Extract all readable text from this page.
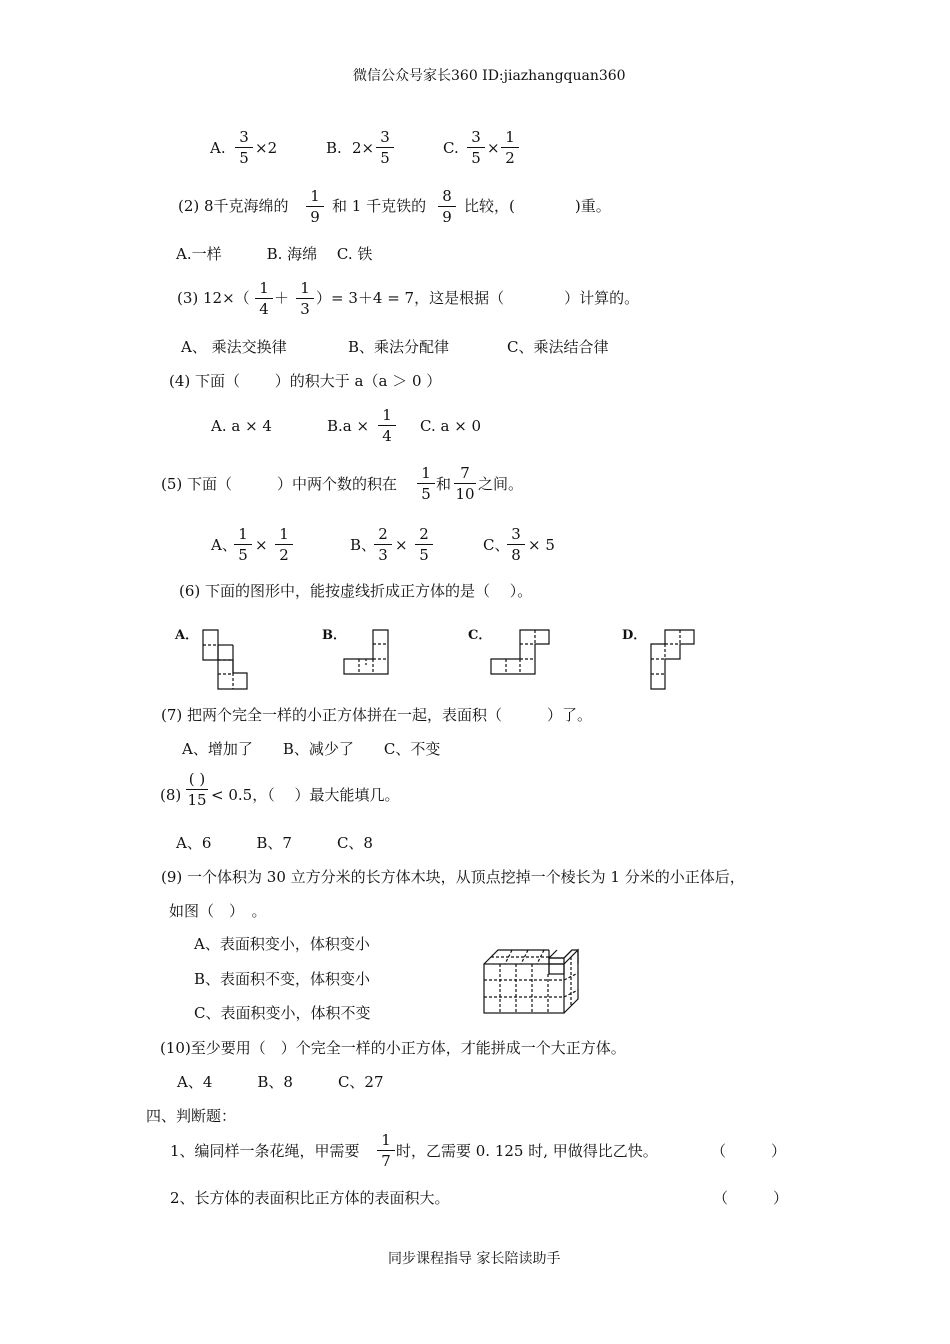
微信公众号家长360 ID:jiazhangquan360
A.
3
5
×2	B. 2×
3
5
C.
3
5
×
1
2
(2) 8千克海绵的
1
9
和 1 千克铁的
8
9
比较，(　　　　)重。
A.一样　　　B. 海绵　 C. 铁
(3) 12×（
1
4
＋
1
3
）= 3＋4 = 7，这是根据（　　　　）计算的。
A、 乘法交换律	B、乘法分配律	C、乘法结合律
(4) 下面（　　 ）的积大于 a（a ＞ 0 ）
A. a × 4	B.a ×
1
4
C. a × 0
(5) 下面（　　　）中两个数的积在
1
5
和
7
10
之间。
A、
1
5
×
1
2
B、
2
3
×
2
5
C、
3
8
× 5
(6) 下面的图形中，能按虚线折成正方体的是（　 ）。
A．	B．	C．	D．
(7) 把两个完全一样的小正方体拼在一起，表面积（　　　）了。
A、增加了　　B、减少了　　C、不变
(8)
( )
15 < 0.5，（　 ）最大能填几。
A、6　　　B、7　　　C、8
(9) 一个体积为 30 立方分米的长方体木块，从顶点挖掉一个棱长为 1 分米的小正体后，
如图（　）　。
A、表面积变小，体积变小
B、表面积不变，体积变小
C、表面积变小，体积不变
(10)至少要用（　）个完全一样的小正方体，才能拼成一个大正方体。
A、4　　　B、8　　　C、27
四、判断题：
1、编同样一条花绳，甲需要
1
7
时，乙需要 0. 125 时, 甲做得比乙快。	（　　　）
2、长方体的表面积比正方体的表面积大。	（　　　）
同步课程指导 家长陪读助手
